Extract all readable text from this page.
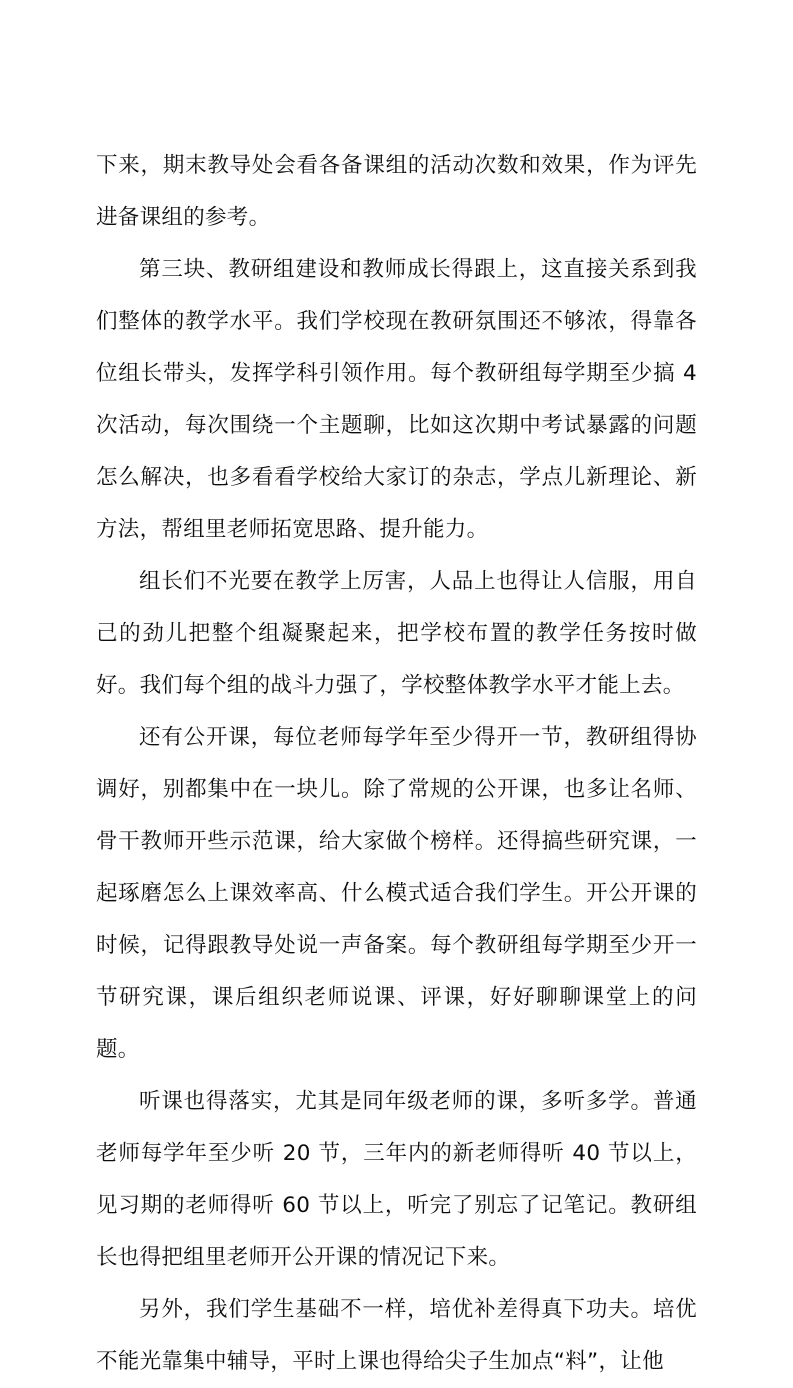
下来，期末教导处会看各备课组的活动次数和效果，作为评先进备课组的参考。

第三块、教研组建设和教师成长得跟上，这直接关系到我们整体的教学水平。我们学校现在教研氛围还不够浓，得靠各位组长带头，发挥学科引领作用。每个教研组每学期至少搞 4 次活动，每次围绕一个主题聊，比如这次期中考试暴露的问题怎么解决，也多看看学校给大家订的杂志，学点儿新理论、新方法，帮组里老师拓宽思路、提升能力。

组长们不光要在教学上厉害，人品上也得让人信服，用自己的劲儿把整个组凝聚起来，把学校布置的教学任务按时做好。我们每个组的战斗力强了，学校整体教学水平才能上去。

还有公开课，每位老师每学年至少得开一节，教研组得协调好，别都集中在一块儿。除了常规的公开课，也多让名师、骨干教师开些示范课，给大家做个榜样。还得搞些研究课，一起琢磨怎么上课效率高、什么模式适合我们学生。开公开课的时候，记得跟教导处说一声备案。每个教研组每学期至少开一节研究课，课后组织老师说课、评课，好好聊聊课堂上的问题。

听课也得落实，尤其是同年级老师的课，多听多学。普通老师每学年至少听 20 节，三年内的新老师得听 40 节以上，见习期的老师得听 60 节以上，听完了别忘了记笔记。教研组长也得把组里老师开公开课的情况记下来。

另外，我们学生基础不一样，培优补差得真下功夫。培优不能光靠集中辅导，平时上课也得给尖子生加点“料”，让他
